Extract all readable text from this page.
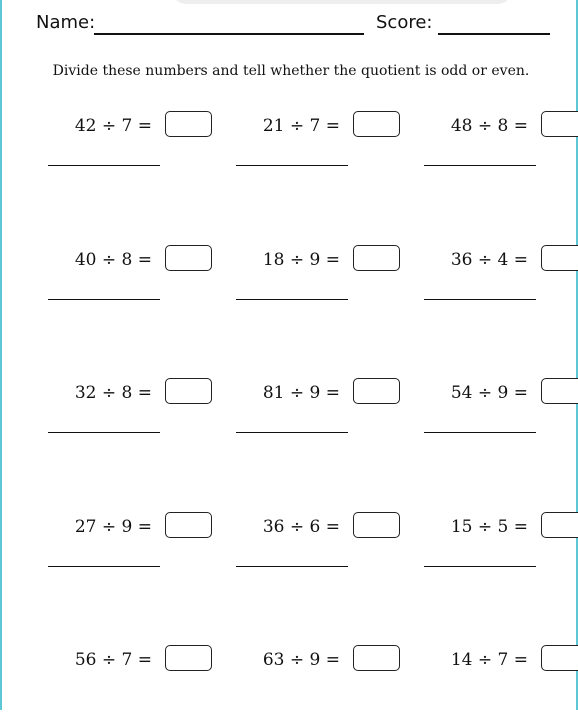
Name:	Score:
Divide these numbers and tell whether the quotient is odd or even.
42 ÷ 7 =	21 ÷ 7 =	48 ÷ 8 =
40 ÷ 8 =	18 ÷ 9 =	36 ÷ 4 =
32 ÷ 8 =	81 ÷ 9 =	54 ÷ 9 =
27 ÷ 9 =	36 ÷ 6 =	15 ÷ 5 =
56 ÷ 7 =	63 ÷ 9 =	14 ÷ 7 =
